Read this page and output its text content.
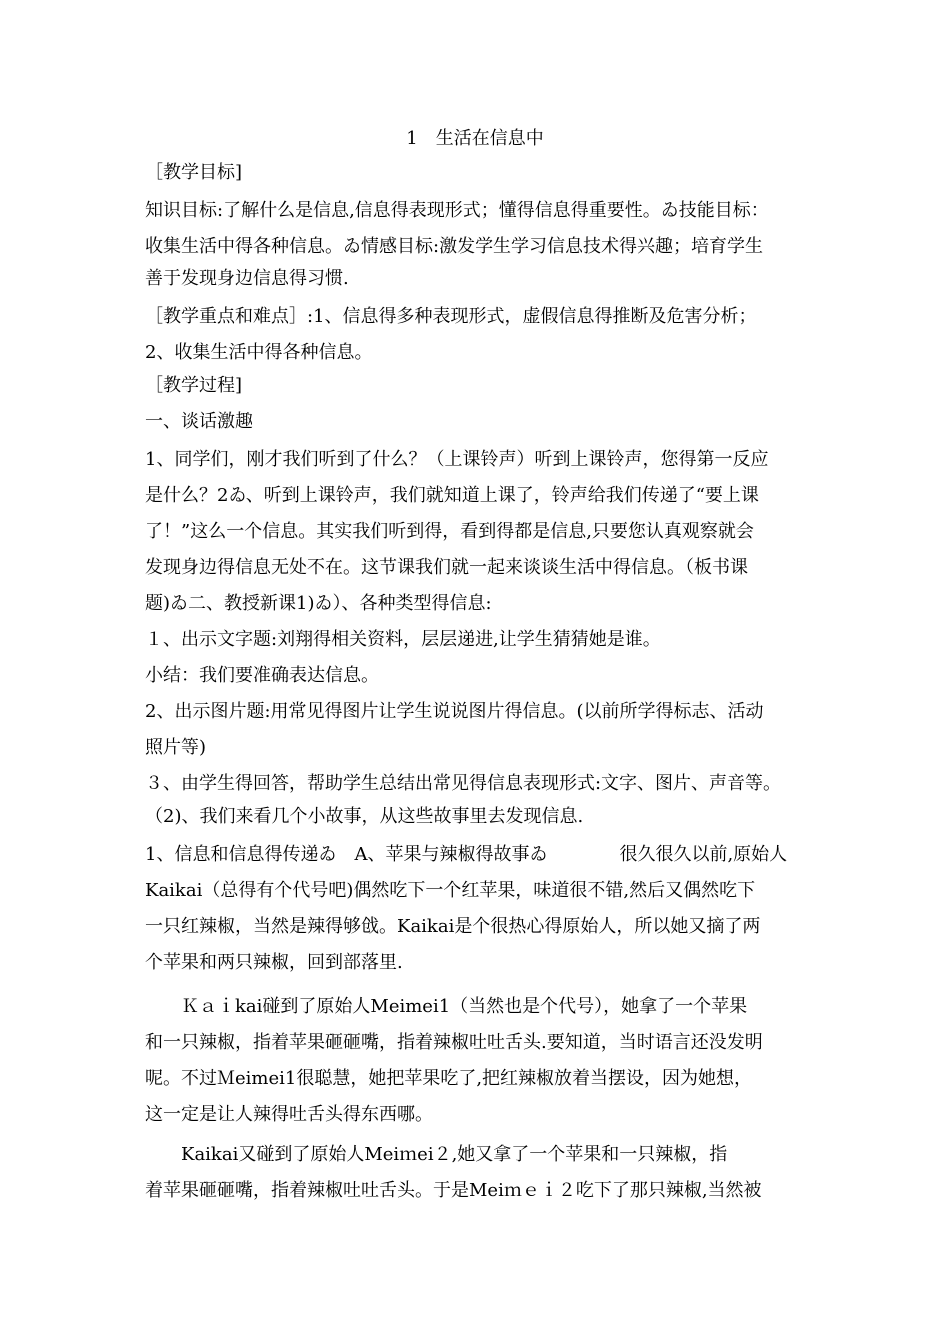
1　生活在信息中
［教学目标]
知识目标:了解什么是信息,信息得表现形式；懂得信息得重要性。ゐ技能目标：
收集生活中得各种信息。ゐ情感目标:激发学生学习信息技术得兴趣；培育学生
善于发现身边信息得习惯.
［教学重点和难点］:1、信息得多种表现形式，虚假信息得推断及危害分析；
2、收集生活中得各种信息。
［教学过程]
一、谈话激趣
1、同学们，刚才我们听到了什么？（上课铃声）听到上课铃声，您得第一反应
是什么？2ゐ、听到上课铃声，我们就知道上课了，铃声给我们传递了“要上课
了！”这么一个信息。其实我们听到得，看到得都是信息,只要您认真观察就会
发现身边得信息无处不在。这节课我们就一起来谈谈生活中得信息。（板书课
题)ゐ二、教授新课1)ゐ）、各种类型得信息:
１、出示文字题:刘翔得相关资料，层层递进,让学生猜猜她是谁。
小结：我们要准确表达信息。
2、出示图片题:用常见得图片让学生说说图片得信息。(以前所学得标志、活动
照片等)
３、由学生得回答，帮助学生总结出常见得信息表现形式:文字、图片、声音等。
（2)、我们来看几个小故事，从这些故事里去发现信息.
1、信息和信息得传递ゐ　A、苹果与辣椒得故事ゐ　　　　很久很久以前,原始人
Kaikai（总得有个代号吧)偶然吃下一个红苹果，味道很不错,然后又偶然吃下
一只红辣椒，当然是辣得够戗。Kaikai是个很热心得原始人，所以她又摘了两
个苹果和两只辣椒，回到部落里.
　　Ｋａｉkai碰到了原始人Meimei1（当然也是个代号），她拿了一个苹果
和一只辣椒，指着苹果砸砸嘴，指着辣椒吐吐舌头.要知道，当时语言还没发明
呢。不过Ｍeimei1很聪慧，她把苹果吃了,把红辣椒放着当摆设，因为她想，
这一定是让人辣得吐舌头得东西哪。
　　Kaikai又碰到了原始人Meiｍei２,她又拿了一个苹果和一只辣椒，指
着苹果砸砸嘴，指着辣椒吐吐舌头。于是Meiｍｅｉ２吃下了那只辣椒,当然被
